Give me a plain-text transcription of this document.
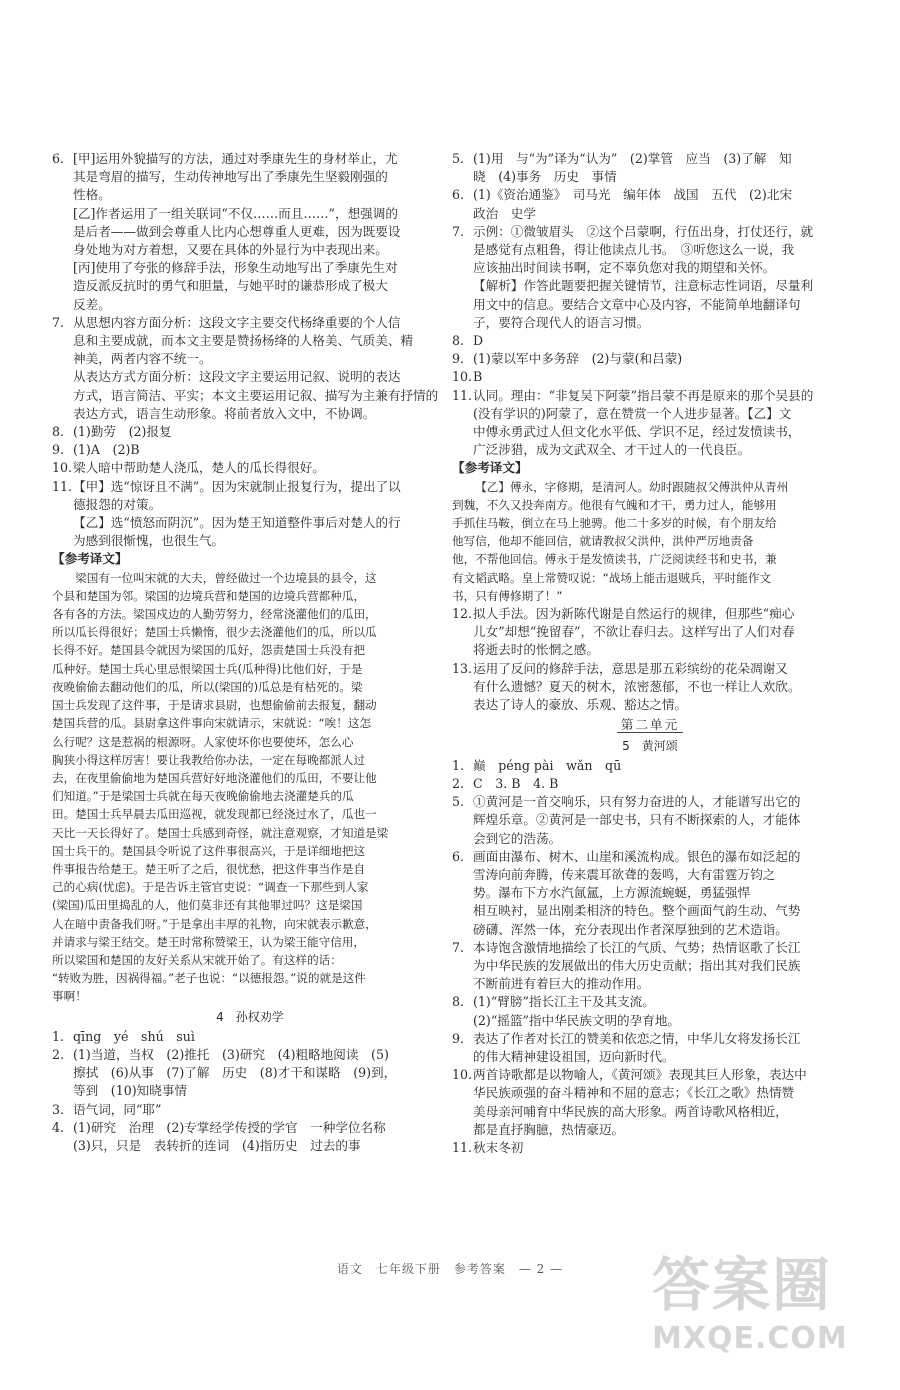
6. [甲]运用外貌描写的方法，通过对季康先生的身材举止，尤
其是弯眉的描写，生动传神地写出了季康先生坚毅刚强的
性格。
[乙]作者运用了一组关联词“不仅……而且……”，想强调的
是后者——做到会尊重人比内心想尊重人更难，因为既要设
身处地为对方着想，又要在具体的外显行为中表现出来。
[丙]使用了夸张的修辞手法，形象生动地写出了季康先生对
造反派反抗时的勇气和胆量，与她平时的谦恭形成了极大
反差。
7. 从思想内容方面分析：这段文字主要交代杨绛重要的个人信
息和主要成就，而本文主要是赞扬杨绛的人格美、气质美、精
神美，两者内容不统一。
从表达方式方面分析：这段文字主要运用记叙、说明的表达
方式，语言简洁、平实；本文主要运用记叙、描写为主兼有抒情的
表达方式，语言生动形象。将前者放入文中，不协调。
8. (1)勤劳　(2)报复
9. (1)A　(2)B
10. 梁人暗中帮助楚人浇瓜，楚人的瓜长得很好。
11. 【甲】选“惊讶且不满”。因为宋就制止报复行为，提出了以
德报怨的对策。
【乙】选“愤怒而阴沉”。因为楚王知道整件事后对楚人的行
为感到很惭愧，也很生气。

【参考译文】

梁国有一位叫宋就的大夫，曾经做过一个边境县的县令，这
个县和楚国为邻。梁国的边境兵营和楚国的边境兵营都种瓜，
各有各的方法。梁国戍边的人勤劳努力，经常浇灌他们的瓜田，
所以瓜长得很好；楚国士兵懒惰，很少去浇灌他们的瓜，所以瓜
长得不好。楚国县令就因为梁国的瓜好，怨责楚国士兵没有把
瓜种好。楚国士兵心里忌恨梁国士兵(瓜种得)比他们好，于是
夜晚偷偷去翻动他们的瓜，所以(梁国的)瓜总是有枯死的。梁
国士兵发现了这件事，于是请求县尉，也想偷偷前去报复，翻动
楚国兵营的瓜。县尉拿这件事向宋就请示，宋就说：“唉！这怎
么行呢？这是惹祸的根源呀。人家使坏你也要使坏，怎么心
胸狭小得这样厉害！要让我教给你办法，一定在每晚都派人过
去，在夜里偷偷地为楚国兵营好好地浇灌他们的瓜田，不要让他
们知道。”于是梁国士兵就在每天夜晚偷偷地去浇灌楚兵的瓜
田。楚国士兵早晨去瓜田巡视，就发现都已经浇过水了，瓜也一
天比一天长得好了。楚国士兵感到奇怪，就注意观察，才知道是梁
国士兵干的。楚国县令听说了这件事很高兴，于是详细地把这
件事报告给楚王。楚王听了之后，很忧愁，把这件事当作是自
己的心病(忧虑)。于是告诉主管官吏说：“调查一下那些到人家
(梁国)瓜田里捣乱的人，他们莫非还有其他罪过吗？这是梁国
人在暗中责备我们呀。”于是拿出丰厚的礼物，向宋就表示歉意，
并请求与梁王结交。楚王时常称赞梁王，认为梁王能守信用，
所以梁国和楚国的友好关系从宋就开始了。有这样的话：
“转败为胜，因祸得福。”老子也说：“以德报怨。”说的就是这件
事啊！

4　孙权劝学

1. qīng　yé　shú　suì
2. (1)当道，当权　(2)推托　(3)研究　(4)粗略地阅读　(5)
擦拭　(6)从事　(7)了解　历史　(8)才干和谋略　(9)到，
等到　(10)知晓事情
3. 语气词，同“耶”
4. (1)研究　治理　(2)专掌经学传授的学官　一种学位名称
(3)只，只是　表转折的连词　(4)指历史　过去的事
5. (1)用　与“为”译为“认为”　(2)掌管　应当　(3)了解　知
晓　(4)事务　历史　事情
6. (1)《资治通鉴》　司马光　编年体　战国　五代　(2)北宋
政治　史学
7. 示例：①微皱眉头　②这个吕蒙啊，行伍出身，打仗还行，就
是感觉有点粗鲁，得让他读点儿书。　③听您这么一说，我
应该抽出时间读书啊，定不辜负您对我的期望和关怀。
【解析】作答此题要把握关键情节，注意标志性词语，尽量利
用文中的信息。要结合文章中心及内容，不能简单地翻译句
子，要符合现代人的语言习惯。
8. D
9. (1)蒙以军中多务辞　(2)与蒙(和吕蒙)
10. B
11. 认同。理由：“非复吴下阿蒙”指吕蒙不再是原来的那个吴县的
(没有学识的)阿蒙了，意在赞赏一个人进步显著。【乙】文
中傅永勇武过人但文化水平低、学识不足，经过发愤读书，
广泛涉猎，成为文武双全、才干过人的一代良臣。

【参考译文】

【乙】傅永，字修期，是清河人。幼时跟随叔父傅洪仲从青州
到魏，不久又投奔南方。他很有气魄和才干，勇力过人，能够用
手抓住马鞍，倒立在马上驰骋。他二十多岁的时候，有个朋友给
他写信，他却不能回信，就请教叔父洪仲，洪仲严厉地责备
他，不帮他回信。傅永于是发愤读书，广泛阅读经书和史书，兼
有文韬武略。皇上常赞叹说：“战场上能击退贼兵，平时能作文
书，只有傅修期了！”
12. 拟人手法。因为新陈代谢是自然运行的规律，但那些“痴心
儿女”却想“挽留春”，不欲让春归去。这样写出了人们对春
将逝去时的怅惘之感。
13. 运用了反问的修辞手法，意思是那五彩缤纷的花朵凋谢又
有什么遗憾？夏天的树木，浓密葱郁，不也一样让人欢欣。
表达了诗人的豪放、乐观、豁达之情。

第二单元

5　黄河颂

1. 巅　péng pài　wǎn　qū
2. C　3. B　4. B
5. ①黄河是一首交响乐，只有努力奋进的人，才能谱写出它的
辉煌乐章。②黄河是一部史书，只有不断探索的人，才能体
会到它的浩荡。
6. 画面由瀑布、树木、山崖和溪流构成。银色的瀑布如泛起的
雪涛向前奔腾，传来震耳欲聋的轰鸣，大有雷霆万钧之
势。瀑布下方水汽氤氲，上方源流蜿蜒，勇猛强悍
相互映衬，显出刚柔相济的特色。整个画面气韵生动、气势
磅礴、浑然一体，充分表现出作者深厚独到的艺术造诣。
7. 本诗饱含激情地描绘了长江的气质、气势；热情讴歌了长江
为中华民族的发展做出的伟大历史贡献；指出其对我们民族
不断前进有着巨大的推动作用。
8. (1)“臂膀”指长江主干及其支流。
(2)“摇篮”指中华民族文明的孕育地。
9. 表达了作者对长江的赞美和依恋之情，中华儿女将发扬长江
的伟大精神建设祖国，迈向新时代。
10. 两首诗歌都是以物喻人，《黄河颂》表现其巨人形象，表达中
华民族顽强的奋斗精神和不屈的意志；《长江之歌》热情赞
美母亲河哺育中华民族的高大形象。两首诗歌风格相近，
都是直抒胸臆，热情豪迈。
11. 秋末冬初
语文　七年级下册　参考答案　— 2 —	答案圈
MXQE.COM
